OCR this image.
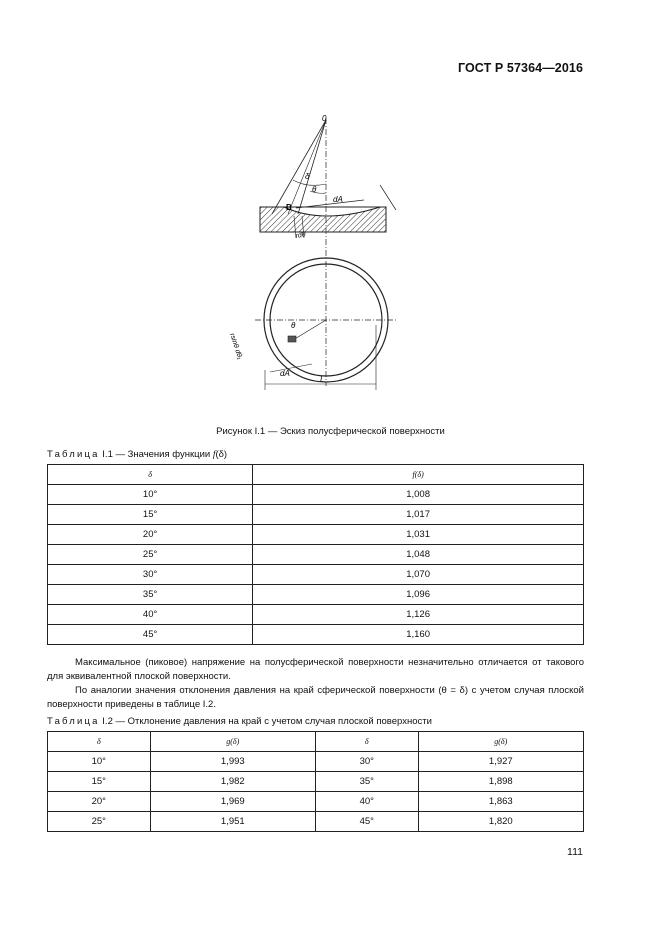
ГОСТ Р 57364—2016
0
δ
θ
dA
B
rdθ
θ
rsinθ dθ₁
dA
L
Рисунок I.1 — Эскиз полусферической поверхности
Таблица I.1 — Значения функции f(δ)
δ	f(δ)
10°	1,008
15°	1,017
20°	1,031
25°	1,048
30°	1,070
35°	1,096
40°	1,126
45°	1,160
Максимальное (пиковое) напряжение на полусферической поверхности незначительно отличается от такового для эквивалентной плоской поверхности.
По аналогии значения отклонения давления на край сферической поверхности (θ = δ) с учетом случая плоской поверхности приведены в таблице I.2.
Таблица I.2 — Отклонение давления на край с учетом случая плоской поверхности
δ	g(δ)	δ	g(δ)
10°	1,993	30°	1,927
15°	1,982	35°	1,898
20°	1,969	40°	1,863
25°	1,951	45°	1,820
111
